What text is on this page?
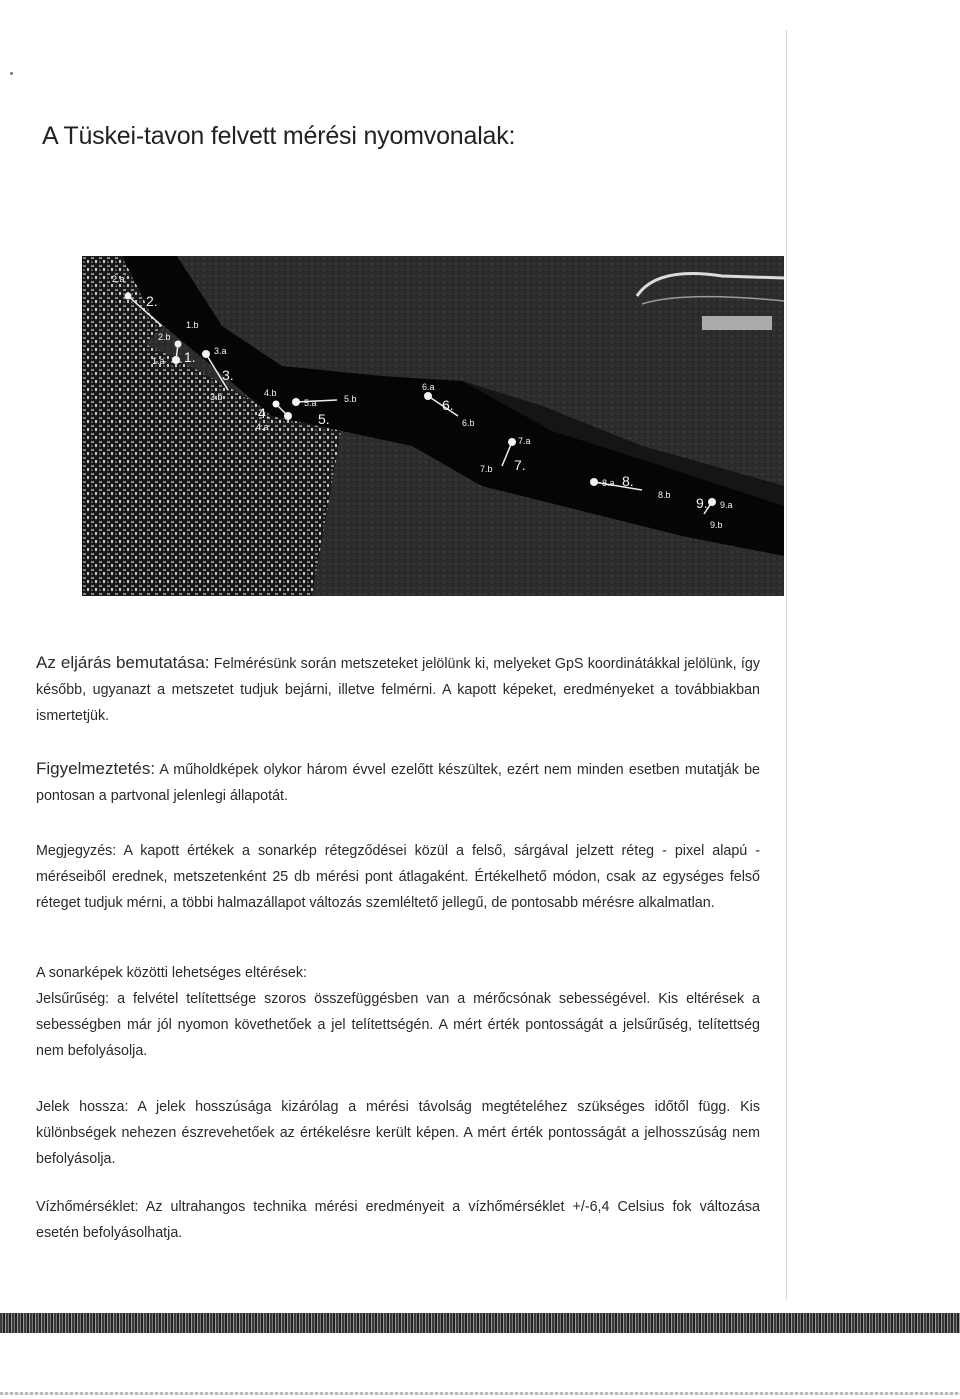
A Tüskei-tavon felvett mérési nyomvonalak:
2.a
2.
1.b
2.b
1.a 1. 3.a
3.
3.b	4.b
4.
4.a
5.a
5.
5.b
6.a
6.
6.b
7.a
7.b 7.
8.a 8.
8.b 9. 9.a
9.b

Az eljárás bemutatása: Felmérésünk során metszeteket jelölünk ki, melyeket GpS koordinátákkal jelölünk, így később, ugyanazt a metszetet tudjuk bejárni, illetve felmérni. A kapott képeket, eredményeket a továbbiakban ismertetjük.

Figyelmeztetés: A műholdképek olykor három évvel ezelőtt készültek, ezért nem minden esetben mutatják be pontosan a partvonal jelenlegi állapotát.

Megjegyzés: A kapott értékek a sonarkép rétegződései közül a felső, sárgával jelzett réteg - pixel alapú - méréseiből erednek, metszetenként 25 db mérési pont átlagaként. Értékelhető módon, csak az egységes felső réteget tudjuk mérni, a többi halmazállapot változás szemléltető jellegű, de pontosabb mérésre alkalmatlan.

A sonarképek közötti lehetséges eltérések:

Jelsűrűség: a felvétel telítettsége szoros összefüggésben van a mérőcsónak sebességével. Kis eltérések a sebességben már jól nyomon követhetőek a jel telítettségén. A mért érték pontosságát a jelsűrűség, telítettség nem befolyásolja.

Jelek hossza: A jelek hosszúsága kizárólag a mérési távolság megtételéhez szükséges időtől függ. Kis különbségek nehezen észrevehetőek az értékelésre került képen. A mért érték pontosságát a jelhosszúság nem befolyásolja.

Vízhőmérséklet: Az ultrahangos technika mérési eredményeit a vízhőmérséklet +/-6,4 Celsius fok változása esetén befolyásolhatja.
